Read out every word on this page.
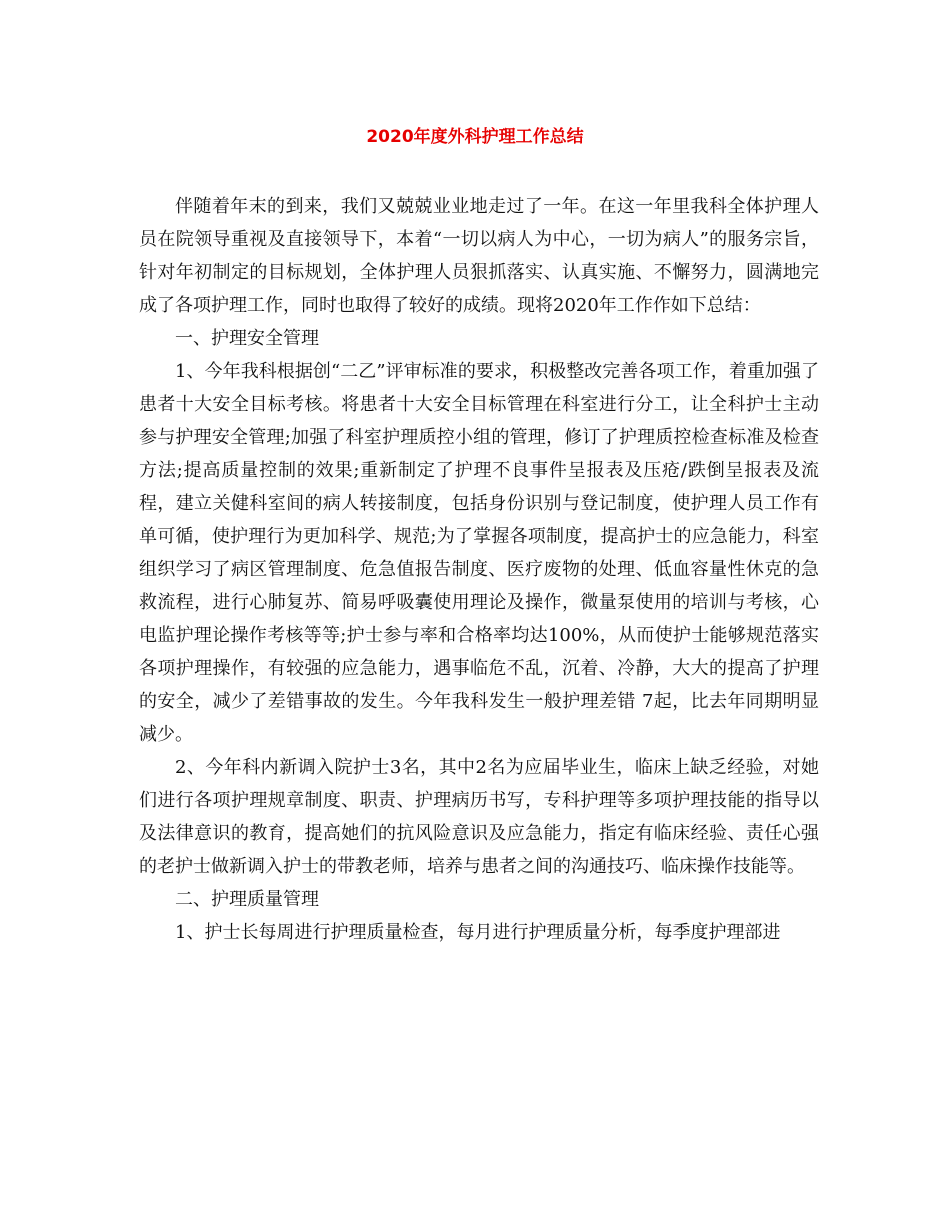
2020年度外科护理工作总结

伴随着年末的到来，我们又兢兢业业地走过了一年。在这一年里我科全体护理人员在院领导重视及直接领导下，本着“一切以病人为中心，一切为病人”的服务宗旨，针对年初制定的目标规划，全体护理人员狠抓落实、认真实施、不懈努力，圆满地完成了各项护理工作，同时也取得了较好的成绩。现将2020年工作作如下总结：

一、护理安全管理

1、今年我科根据创“二乙”评审标准的要求，积极整改完善各项工作，着重加强了患者十大安全目标考核。将患者十大安全目标管理在科室进行分工，让全科护士主动参与护理安全管理;加强了科室护理质控小组的管理，修订了护理质控检查标准及检查方法;提高质量控制的效果;重新制定了护理不良事件呈报表及压疮/跌倒呈报表及流程，建立关健科室间的病人转接制度，包括身份识别与登记制度，使护理人员工作有单可循，使护理行为更加科学、规范;为了掌握各项制度，提高护士的应急能力，科室组织学习了病区管理制度、危急值报告制度、医疗废物的处理、低血容量性休克的急救流程，进行心肺复苏、简易呼吸囊使用理论及操作，微量泵使用的培训与考核，心电监护理论操作考核等等;护士参与率和合格率均达100%，从而使护士能够规范落实各项护理操作，有较强的应急能力，遇事临危不乱，沉着、冷静，大大的提高了护理的安全，减少了差错事故的发生。今年我科发生一般护理差错 7起，比去年同期明显减少。

2、今年科内新调入院护士3名，其中2名为应届毕业生，临床上缺乏经验，对她们进行各项护理规章制度、职责、护理病历书写，专科护理等多项护理技能的指导以及法律意识的教育，提高她们的抗风险意识及应急能力，指定有临床经验、责任心强的老护士做新调入护士的带教老师，培养与患者之间的沟通技巧、临床操作技能等。

二、护理质量管理

1、护士长每周进行护理质量检查，每月进行护理质量分析，每季度护理部进
